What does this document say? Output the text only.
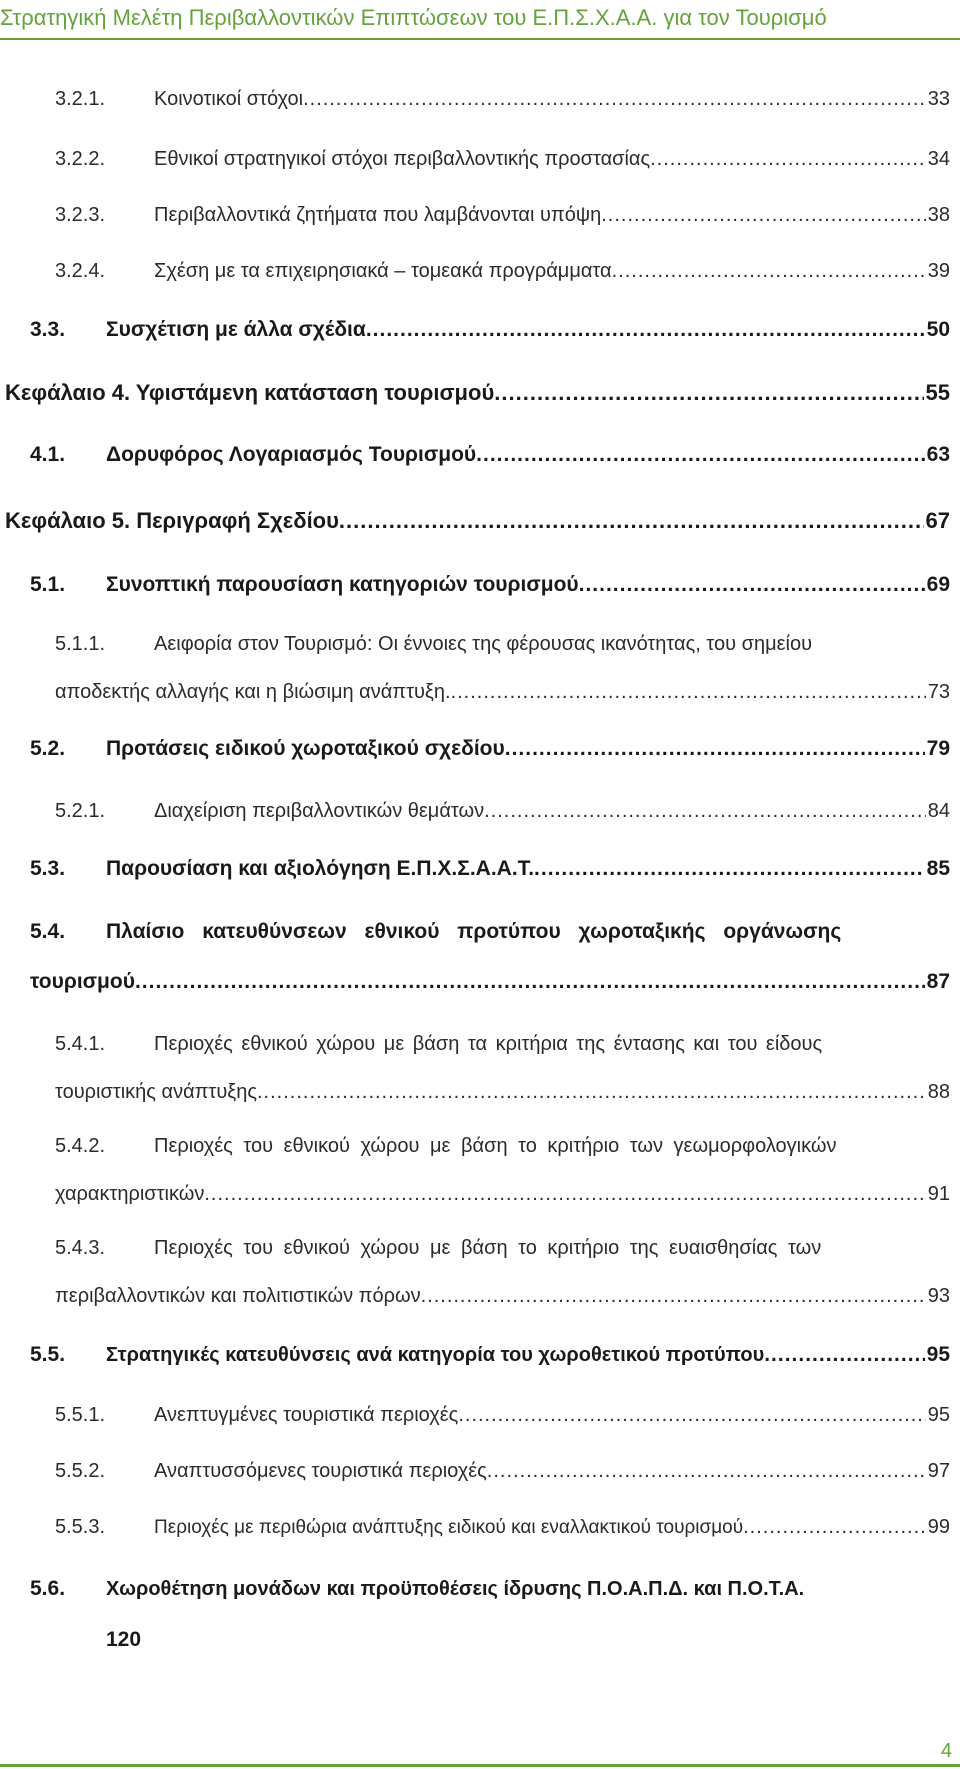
Στρατηγική Μελέτη Περιβαλλοντικών Επιπτώσεων του Ε.Π.Σ.Χ.Α.Α. για τον Τουρισμό
3.2.1.	Κοινοτικοί στόχοι .....	33
3.2.2.	Εθνικοί στρατηγικοί στόχοι περιβαλλοντικής προστασίας .....	34
3.2.3.	Περιβαλλοντικά ζητήματα που λαμβάνονται υπόψη .....	38
3.2.4.	Σχέση με τα επιχειρησιακά – τομεακά προγράμματα .....	39
3.3.	Συσχέτιση με άλλα σχέδια .....	50
Κεφάλαιο 4. Υφιστάμενη κατάσταση τουρισμού .....	55
4.1.	Δορυφόρος Λογαριασμός Τουρισμού .....	63
Κεφάλαιο 5. Περιγραφή Σχεδίου .....	67
5.1.	Συνοπτική παρουσίαση κατηγοριών τουρισμού .....	69
5.1.1.	Αειφορία στον Τουρισμό: Οι έννοιες της φέρουσας ικανότητας, του σημείου
αποδεκτής αλλαγής και η βιώσιμη ανάπτυξη. .....	73
5.2.	Προτάσεις ειδικού χωροταξικού σχεδίου .....	79
5.2.1.	Διαχείριση περιβαλλοντικών θεμάτων .....	84
5.3.	Παρουσίαση και αξιολόγηση Ε.Π.Χ.Σ.Α.Α.Τ. .....	85
5.4.	Πλαίσιο κατευθύνσεων εθνικού προτύπου χωροταξικής οργάνωσης
τουρισμού .....	87
5.4.1.	Περιοχές εθνικού χώρου με βάση τα κριτήρια της έντασης και του είδους
τουριστικής ανάπτυξης .....	88
5.4.2.	Περιοχές του εθνικού χώρου με βάση το κριτήριο των γεωμορφολογικών
χαρακτηριστικών .....	91
5.4.3.	Περιοχές του εθνικού χώρου με βάση το κριτήριο της ευαισθησίας των
περιβαλλοντικών και πολιτιστικών πόρων .....	93
5.5.	Στρατηγικές κατευθύνσεις ανά κατηγορία του χωροθετικού προτύπου .....	95
5.5.1.	Ανεπτυγμένες τουριστικά περιοχές .....	95
5.5.2.	Αναπτυσσόμενες τουριστικά περιοχές .....	97
5.5.3.	Περιοχές με περιθώρια ανάπτυξης ειδικού και εναλλακτικού τουρισμού .....	99
5.6.	Χωροθέτηση μονάδων και προϋποθέσεις ίδρυσης Π.Ο.Α.Π.Δ. και Π.Ο.Τ.Α.
120
4
